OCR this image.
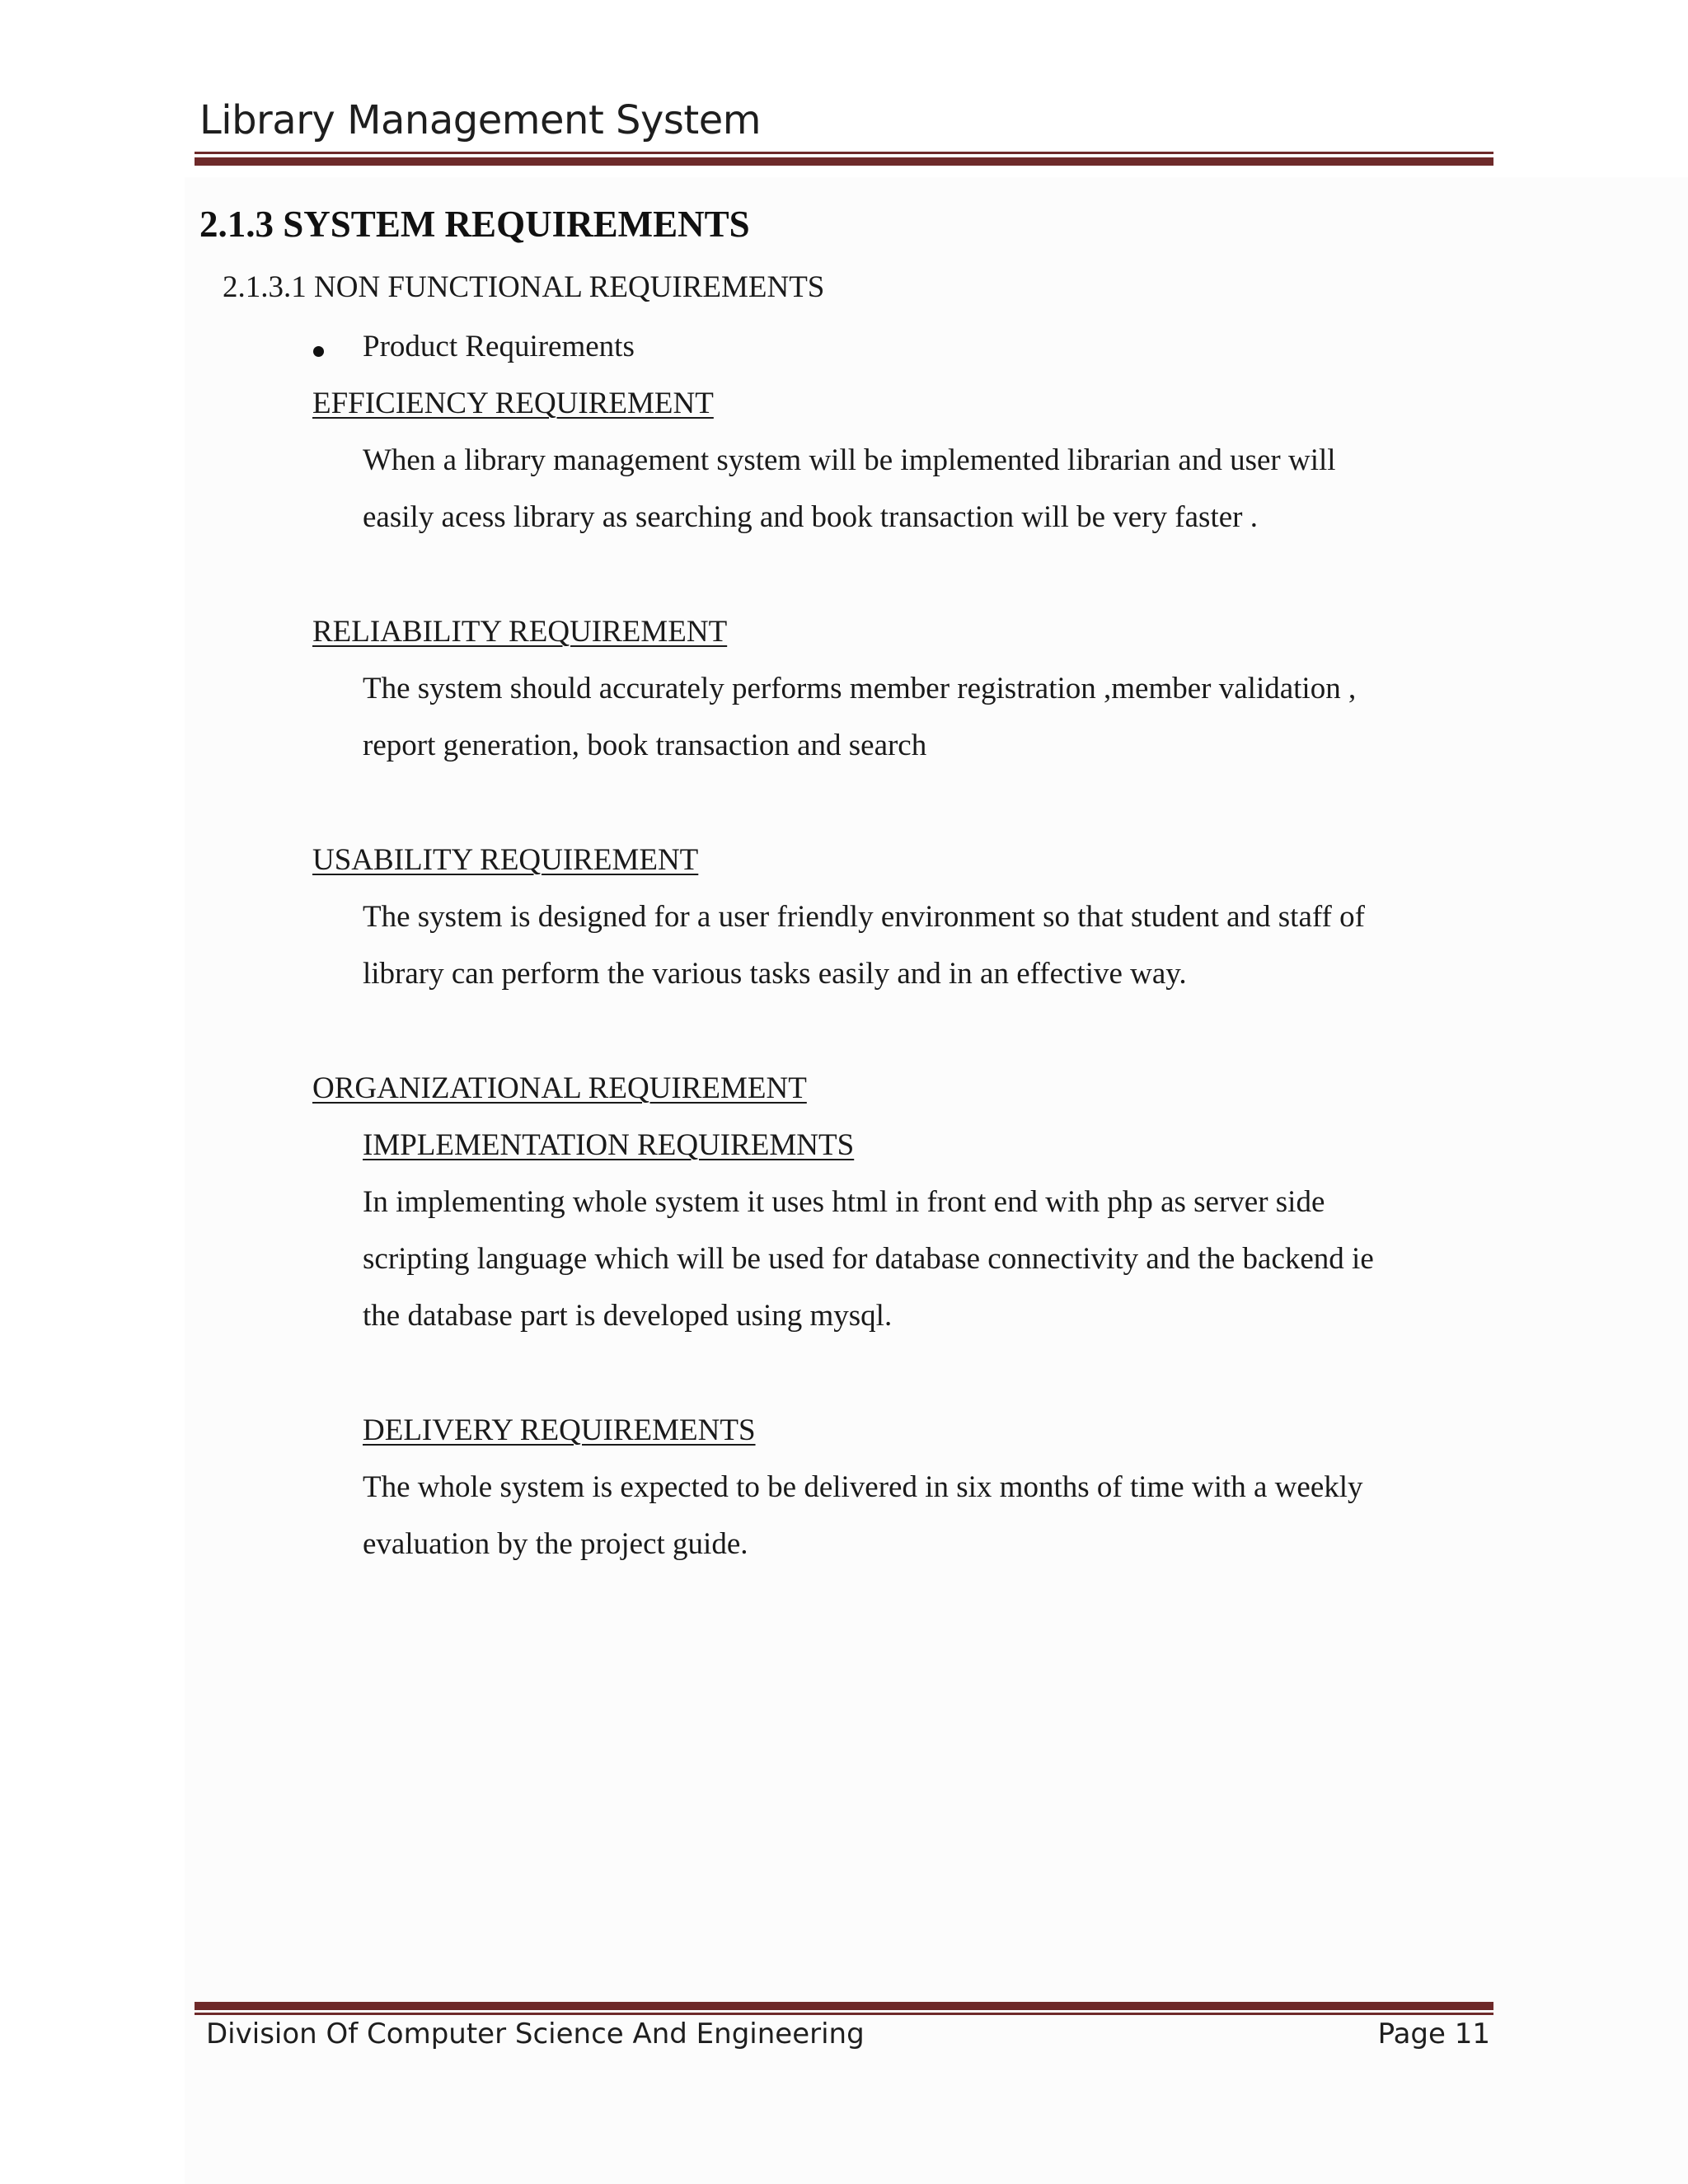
Library Management System
2.1.3 SYSTEM REQUIREMENTS
2.1.3.1 NON FUNCTIONAL REQUIREMENTS
Product Requirements
EFFICIENCY REQUIREMENT
When a library management system will be implemented librarian and user will
easily acess library as searching and book transaction will be very faster .
RELIABILITY REQUIREMENT
The system should accurately performs member registration ,member validation ,
report generation, book transaction and search
USABILITY REQUIREMENT
The system is designed for a user friendly environment so that student and staff of
library can perform the various tasks easily and in an effective way.
ORGANIZATIONAL REQUIREMENT
IMPLEMENTATION REQUIREMNTS
In implementing whole system it uses html in front end with php as server side
scripting language which will be used for database connectivity and the backend ie
the database part is developed using mysql.
DELIVERY REQUIREMENTS
The whole system is expected to be delivered in six months of time with a weekly
evaluation by the project guide.
Division Of Computer Science And Engineering	Page 11
